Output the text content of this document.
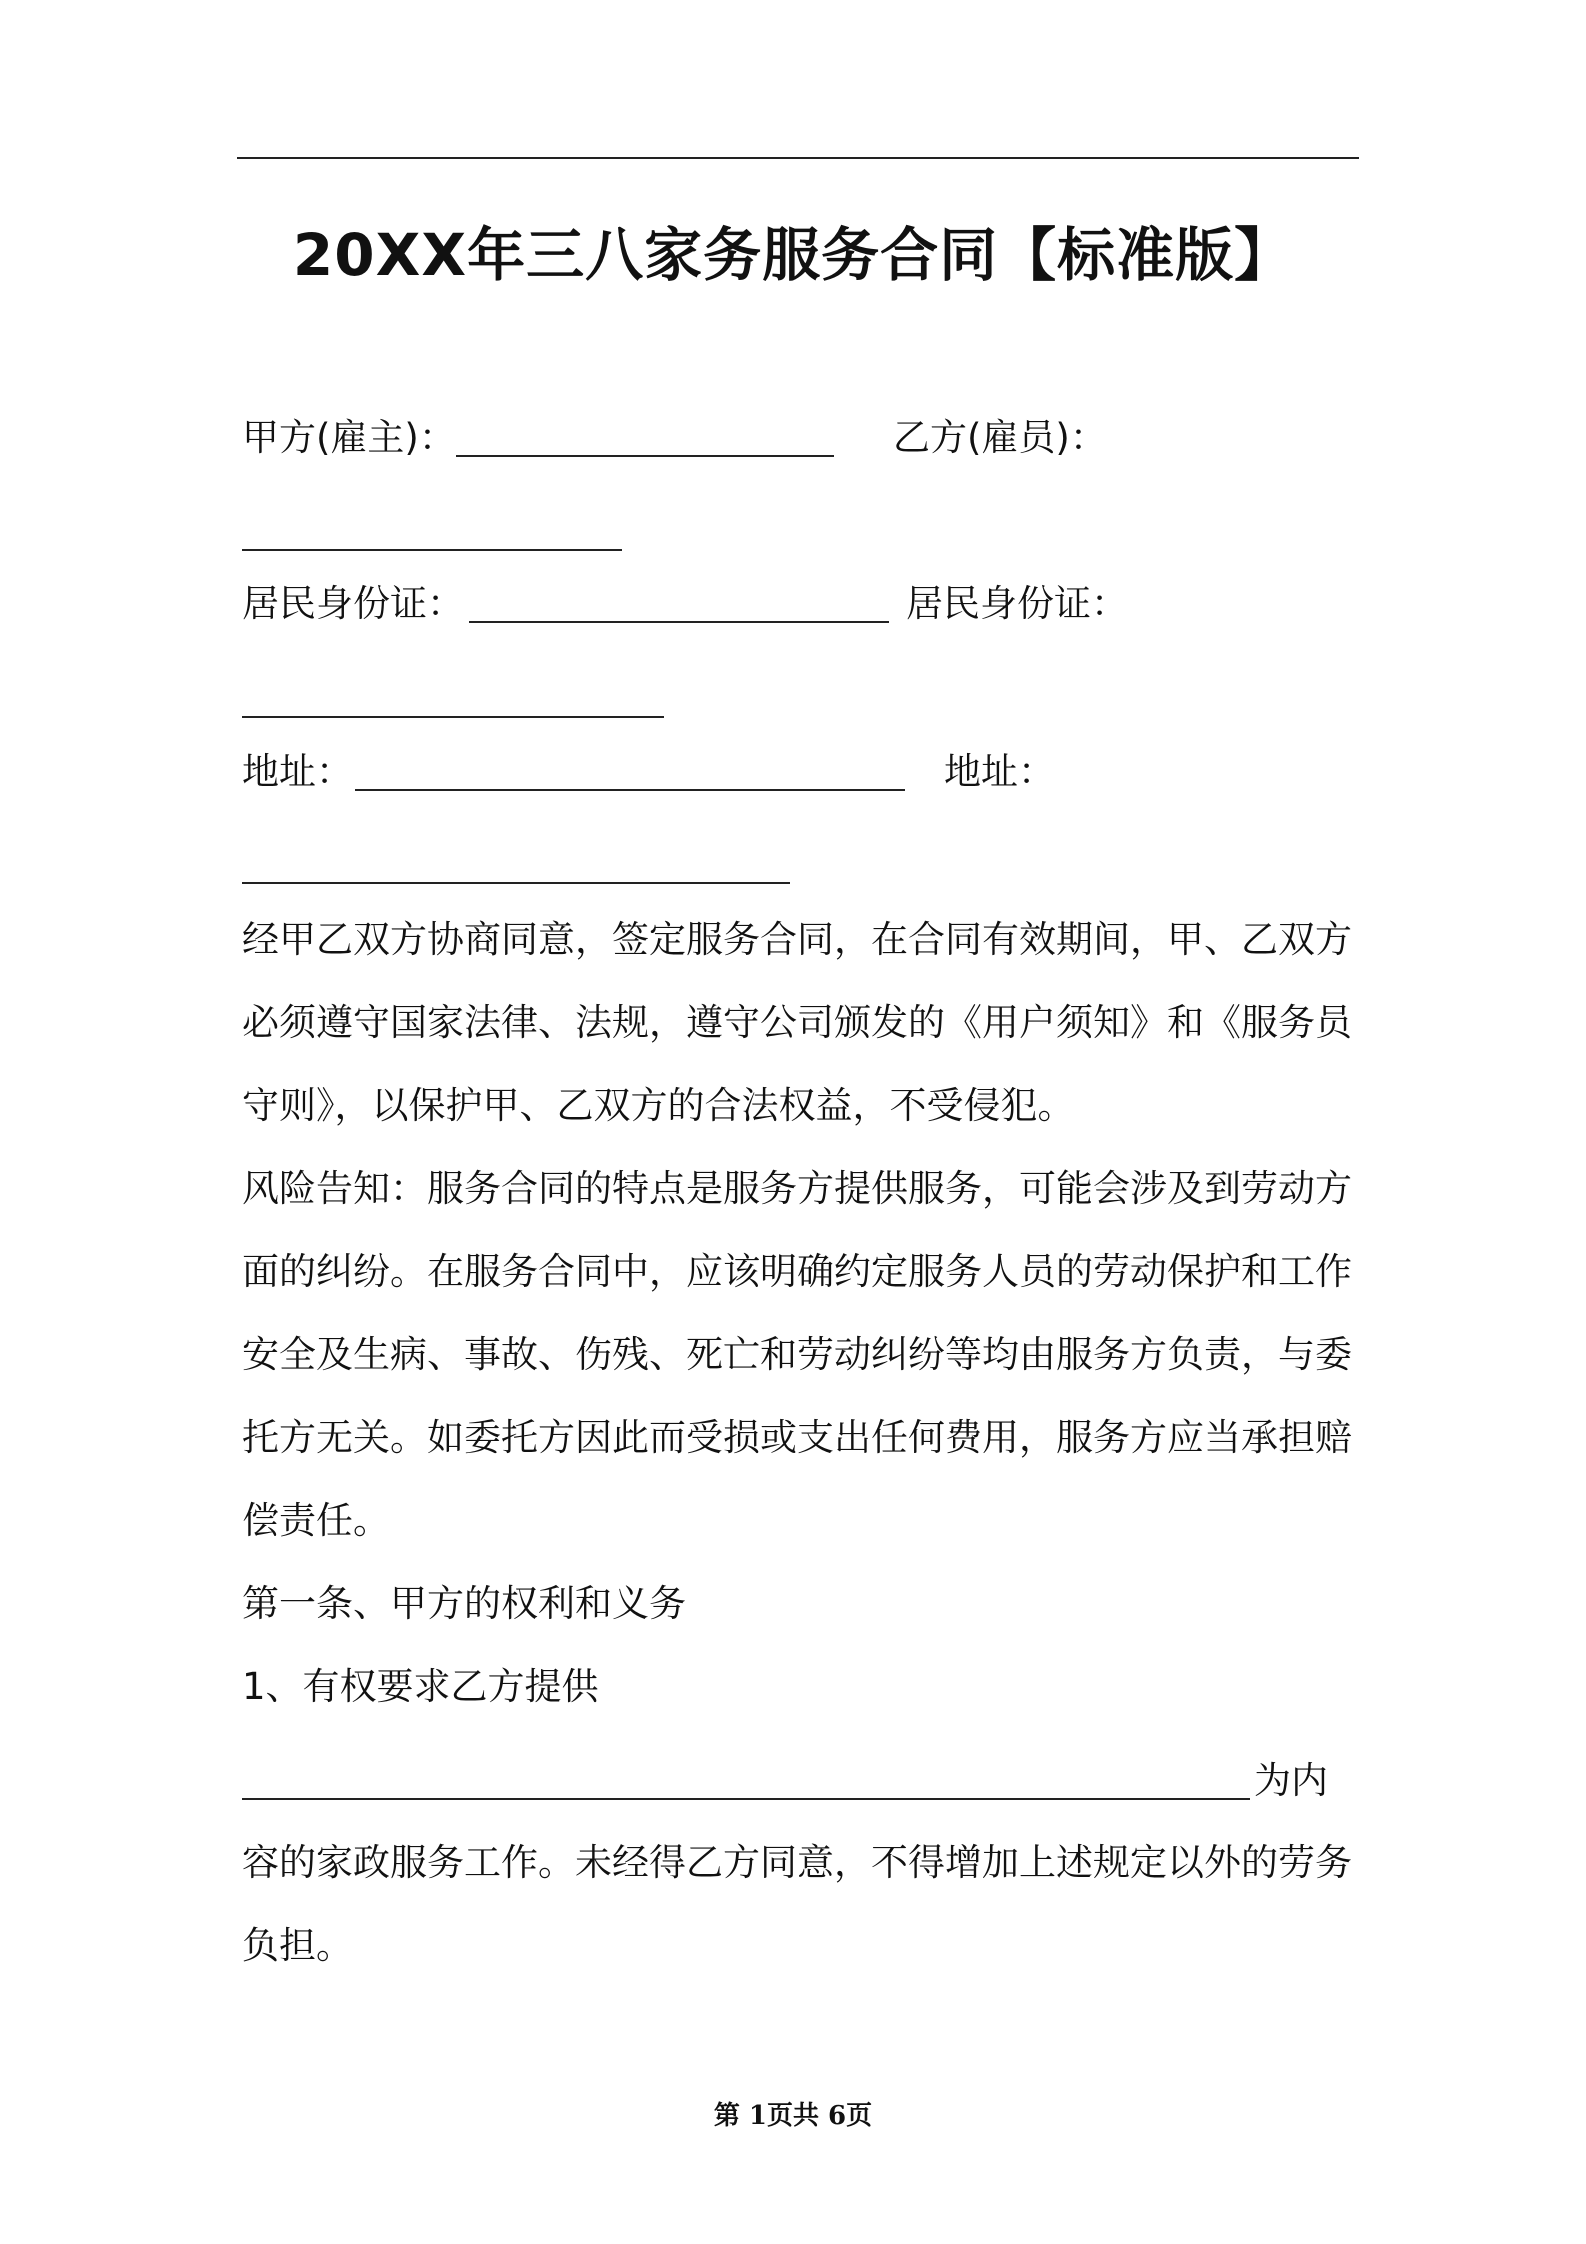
20XX年三八家务服务合同【标准版】
甲方(雇主)：	乙方(雇员)：
居民身份证：	居民身份证：
地址：	地址：
经甲乙双方协商同意，签定服务合同，在合同有效期间，甲、乙双方
必须遵守国家法律、法规，遵守公司颁发的《用户须知》和《服务员
守则》，以保护甲、乙双方的合法权益，不受侵犯。
风险告知：服务合同的特点是服务方提供服务，可能会涉及到劳动方
面的纠纷。在服务合同中，应该明确约定服务人员的劳动保护和工作
安全及生病、事故、伤残、死亡和劳动纠纷等均由服务方负责，与委
托方无关。如委托方因此而受损或支出任何费用，服务方应当承担赔
偿责任。
第一条、甲方的权利和义务
1、有权要求乙方提供
为内
容的家政服务工作。未经得乙方同意，不得增加上述规定以外的劳务
负担。
第 1页共 6页
